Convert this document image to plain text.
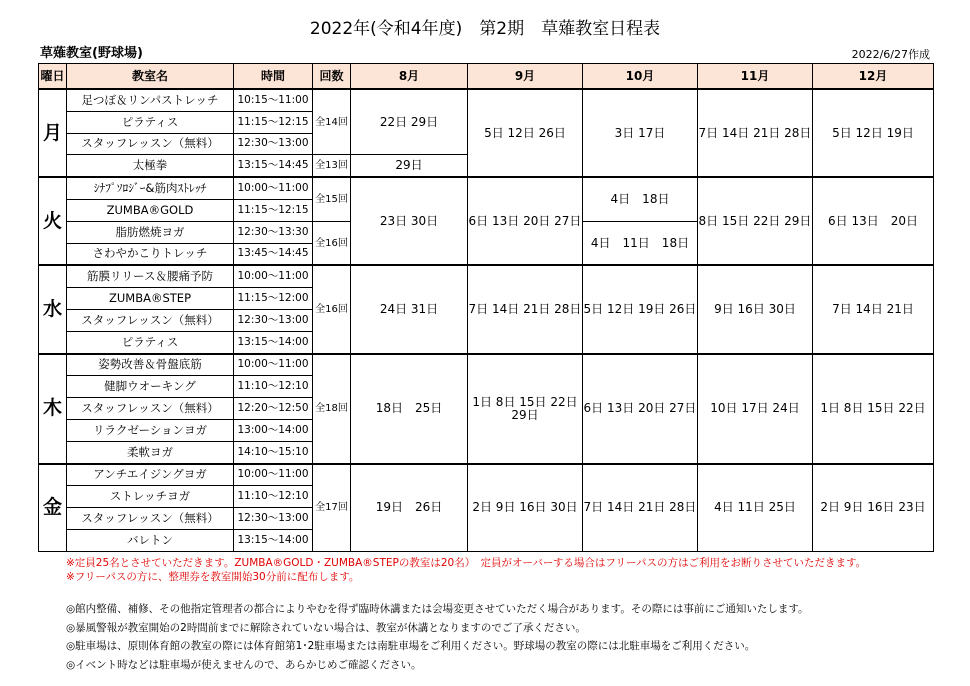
2022年(令和4年度)　第2期　草薙教室日程表
草薙教室(野球場)	2022/6/27作成
曜日	教室名	時間	回数	8月	9月	10月	11月	12月
月	足つぼ＆リンパストレッチ	10:15～11:00	全14回	22日 29日	5日 12日 26日	3日 17日	7日 14日 21日 28日	5日 12日 19日
	ピラティス	11:15～12:15						
	スタッフレッスン（無料）	12:30～13:00						
	太極拳	13:15～14:45	全13回	29日				
火	ｼﾅﾌﾟｿﾛｼﾞｰ&筋肉ｽﾄﾚｯﾁ	10:00～11:00	全15回	23日 30日	6日 13日 20日 27日	4日　18日	8日 15日 22日 29日	6日 13日　20日
	ZUMBA®GOLD	11:15～12:15						
	脂肪燃焼ヨガ	12:30～13:30	全16回			4日　11日　18日		
	さわやかこりトレッチ	13:45～14:45						
水	筋膜リリース＆腰痛予防	10:00～11:00	全16回	24日 31日	7日 14日 21日 28日	5日 12日 19日 26日	9日 16日 30日	7日 14日 21日
	ZUMBA®STEP	11:15～12:00						
	スタッフレッスン（無料）	12:30～13:00						
	ピラティス	13:15～14:00						
木	姿勢改善＆骨盤底筋	10:00～11:00	全18回	18日　25日	1日 8日 15日 22日 29日	6日 13日 20日 27日	10日 17日 24日	1日 8日 15日 22日
	健脚ウオーキング	11:10～12:10						
	スタッフレッスン（無料）	12:20～12:50						
	リラクゼーションヨガ	13:00～14:00						
	柔軟ヨガ	14:10～15:10						
金	アンチエイジングヨガ	10:00～11:00	全17回	19日　26日	2日 9日 16日 30日	7日 14日 21日 28日	4日 11日 25日	2日 9日 16日 23日
	ストレッチヨガ	11:10～12:10						
	スタッフレッスン（無料）	12:30～13:00						
	バレトン	13:15～14:00						
※定員25名とさせていただきます。ZUMBA®GOLD・ZUMBA®STEPの教室は20名）　定員がオーバーする場合はフリーパスの方はご利用をお断りさせていただきます。
※フリーパスの方に、整理券を教室開始30分前に配布します。
◎館内整備、補修、その他指定管理者の都合によりやむを得ず臨時休講または会場変更させていただく場合があります。その際には事前にご通知いたします。
◎暴風警報が教室開始の2時間前までに解除されていない場合は、教室が休講となりますのでご了承ください。
◎駐車場は、原則体育館の教室の際には体育館第1･2駐車場または南駐車場をご利用ください。野球場の教室の際には北駐車場をご利用ください。
◎イベント時などは駐車場が使えませんので、あらかじめご確認ください。
